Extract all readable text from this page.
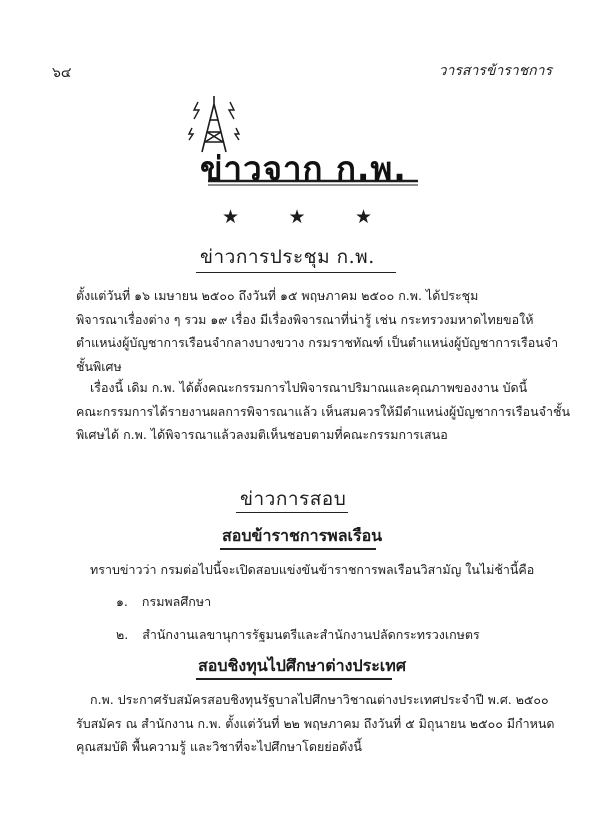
๖๔	วารสารข้าราชการ
ข่าวจาก ก.พ.
★	★	★
ข่าวการประชุม ก.พ.
ตั้งแต่วันที่ ๑๖ เมษายน ๒๕๐๐ ถึงวันที่ ๑๕ พฤษภาคม ๒๕๐๐ ก.พ. ได้ประชุม
พิจารณาเรื่องต่าง ๆ รวม ๑๙ เรื่อง มีเรื่องพิจารณาที่น่ารู้ เช่น กระทรวงมหาดไทยขอให้
ตำแหน่งผู้บัญชาการเรือนจำกลางบางขวาง กรมราชทัณฑ์ เป็นตำแหน่งผู้บัญชาการเรือนจำ
ชั้นพิเศษ
เรื่องนี้ เดิม ก.พ. ได้ตั้งคณะกรรมการไปพิจารณาปริมาณและคุณภาพของงาน บัดนี้
คณะกรรมการได้รายงานผลการพิจารณาแล้ว เห็นสมควรให้มีตำแหน่งผู้บัญชาการเรือนจำชั้น
พิเศษได้ ก.พ. ได้พิจารณาแล้วลงมติเห็นชอบตามที่คณะกรรมการเสนอ
ข่าวการสอบ
สอบข้าราชการพลเรือน
ทราบข่าวว่า กรมต่อไปนี้จะเปิดสอบแข่งขันข้าราชการพลเรือนวิสามัญ ในไม่ช้านี้คือ
๑. กรมพลศึกษา
๒. สำนักงานเลขานุการรัฐมนตรีและสำนักงานปลัดกระทรวงเกษตร
สอบชิงทุนไปศึกษาต่างประเทศ
ก.พ. ประกาศรับสมัครสอบชิงทุนรัฐบาลไปศึกษาวิชาณต่างประเทศประจำปี พ.ศ. ๒๕๐๐
รับสมัคร ณ สำนักงาน ก.พ. ตั้งแต่วันที่ ๒๒ พฤษภาคม ถึงวันที่ ๕ มิถุนายน ๒๕๐๐ มีกำหนด
คุณสมบัติ พื้นความรู้ และวิชาที่จะไปศึกษาโดยย่อดังนี้
